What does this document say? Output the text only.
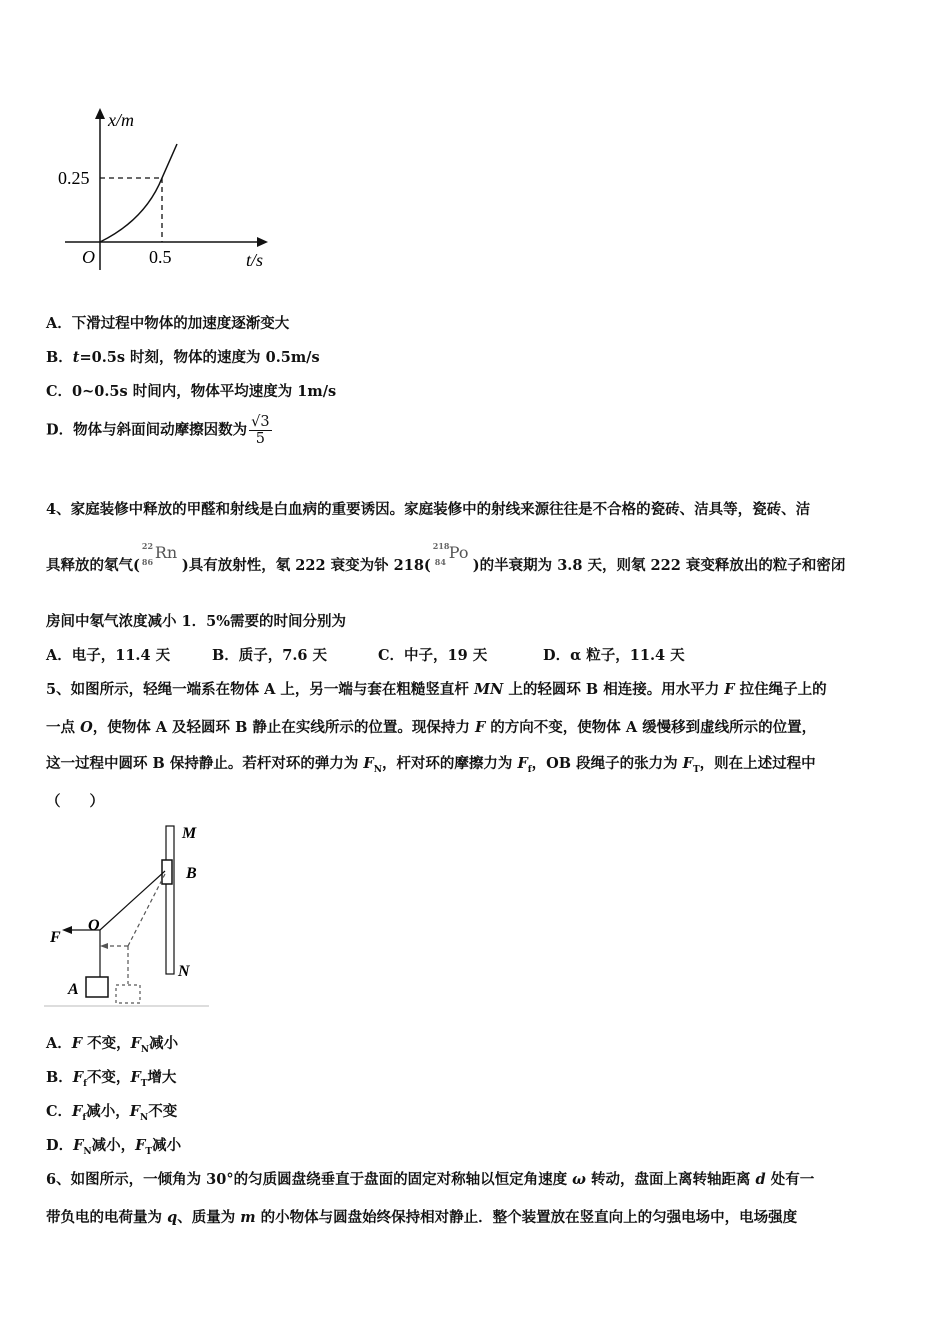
x/m
0.25
O	0.5	t/s
A．下滑过程中物体的加速度逐渐变大
B．t=0.5s 时刻，物体的速度为 0.5m/s
C．0~0.5s 时间内，物体平均速度为 1m/s
D．物体与斜面间动摩擦因数为 $\frac{√3}{5}$
4、家庭装修中释放的甲醛和射线是白血病的重要诱因。家庭装修中的射线来源往往是不合格的瓷砖、洁具等，瓷砖、洁
具释放的氡气(
22
86 Rn
)具有放射性，氡 222 衰变为钋 218(
218
84 Po
)的半衰期为 3.8 天，则氡 222 衰变释放出的粒子和密闭
房间中氡气浓度减小 1．5%需要的时间分别为
A．电子，11.4 天	B．质子，7.6 天	C．中子，19 天	D．α 粒子，11.4 天
5、如图所示，轻绳一端系在物体 A 上，另一端与套在粗糙竖直杆 MN 上的轻圆环 B 相连接。用水平力 F 拉住绳子上的
一点 O，使物体 A 及轻圆环 B 静止在实线所示的位置。现保持力 F 的方向不变，使物体 A 缓慢移到虚线所示的位置，
这一过程中圆环 B 保持静止。若杆对环的弹力为 $F_N$，杆对环的摩擦力为 $F_f$，OB 段绳子的张力为 $F_T$，则在上述过程中
（　　）
M
B
N
O
F
A
A．F 不变，$F_N$减小
B．$F_f$不变，$F_T$增大
C．$F_f$减小，$F_N$不变
D．$F_N$减小，$F_T$减小
6、如图所示，一倾角为 30°的匀质圆盘绕垂直于盘面的固定对称轴以恒定角速度 ω 转动，盘面上离转轴距离 d 处有一
带负电的电荷量为 q、质量为 m 的小物体与圆盘始终保持相对静止．整个装置放在竖直向上的匀强电场中，电场强度
